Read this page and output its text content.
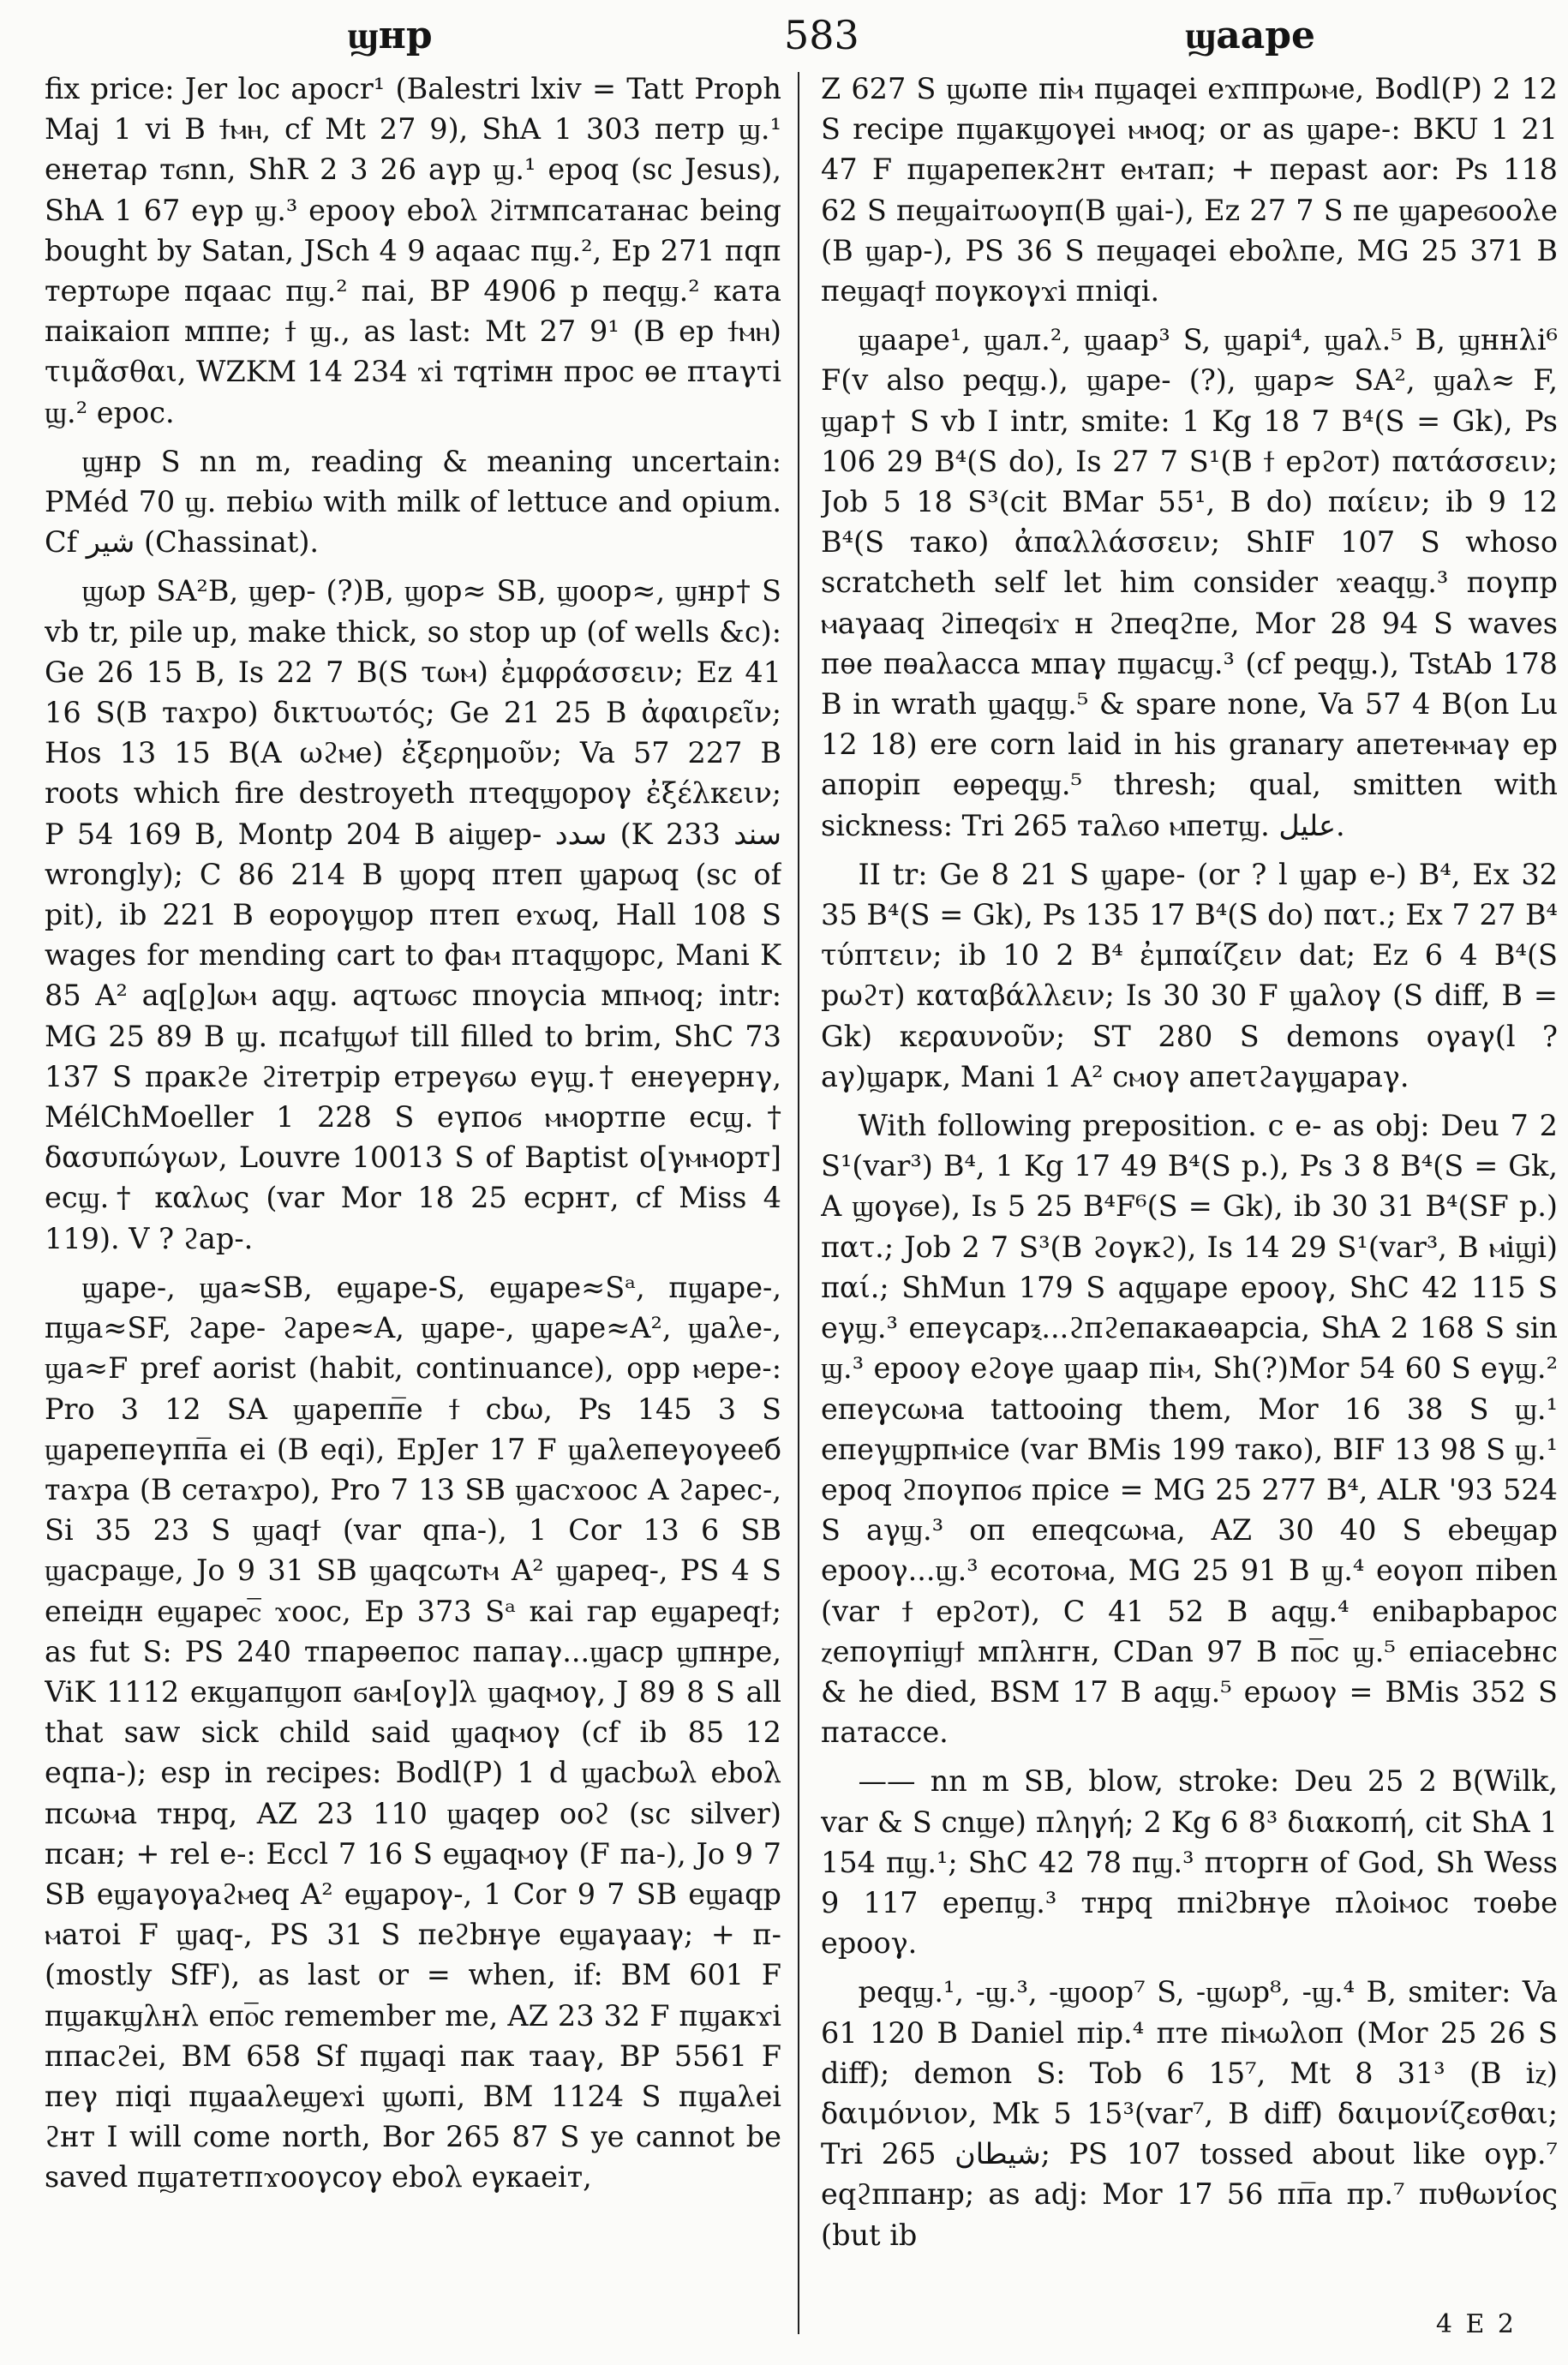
ϣнр	583	ϣaape

fix price: Jer loc apocr¹ (Balestri lxiv = Tatt Proph Maj 1 vi B ϯⲙⲏ, cf Mt 27 9), ShA 1 303 петр ϣ.¹ енетаρ тϭnn, ShR 2 3 26 aγр ϣ.¹ ероq (sc Jesus), ShA 1 67 еγр ϣ.³ ероoγ еboλ ϩiтмпсaтaнac being bought by Satan, JSch 4 9 aqaac пϣ.², Ep 271 пqп тертωре пqaac пϣ.² пai, BP 4906 р пеqϣ.² кaтa пaiкaioп мппе; ϯ ϣ., as last: Mt 27 9¹ (B ер ϯⲙⲏ) τιμᾶσθαι, WZKM 14 234 ϫi тqтiмн прoc ѳе пτaγτi ϣ.² ерoc.

ϣнр S nn m, reading & meaning uncertain: PMéd 70 ϣ. пеbiω with milk of lettuce and opium. Cf شير (Chassinat).

ϣωр SA²B, ϣер- (?)B, ϣoр≈ SB, ϣoор≈, ϣнр† S vb tr, pile up, make thick, so stop up (of wells &c): Ge 26 15 B, Is 22 7 B(S τωⲙ) ἐμφράσσειν; Ez 41 16 S(B тaϫрo) δικτυωτός; Ge 21 25 B ἀφαιρεῖν; Hos 13 15 B(A ωϩⲙe) ἐξερημοῦν; Va 57 227 B roots which fire destroyeth пτеqϣoрoγ ἐξέλκειν; P 54 169 B, Montp 204 B aiϣер- سدد (K 233 سند wrongly); C 86 214 B ϣoрq птеп ϣaрωq (sc of pit), ib 221 B еoрoγϣoр птеп еϫωq, Hall 108 S wages for mending cart to фaⲙ пτaqϣoрс, Mani K 85 A² aq[ϱ]ωⲙ aqϣ. aqτωϭc пnoγcia мпⲙoq; intr: MG 25 89 B ϣ. пcaϯϣωϯ till filled to brim, ShC 73 137 S пρaκϩe ϩiтетрip етреγϭω еγϣ.† енеγернγ, MélChMoeller 1 228 S еγпоϭ ⲙⲙoртпе есϣ.† δασυπώγων, Louvre 10013 S of Baptist o[γⲙⲙoрт] есϣ.† καλως (var Mor 18 25 есрнт, cf Miss 4 119). V ? ϩaр-.

ϣaре-, ϣa≈SB, еϣaре-S, еϣaре≈Sᵃ, пϣaре-, пϣa≈SF, ϩaре- ϩaре≈A, ϣaре-, ϣaре≈A², ϣaλе-, ϣa≈F pref aorist (habit, continuance), opp ⲙере-: Pro 3 12 SA ϣaрепп̅е ϯ cbω, Ps 145 3 S ϣaрепеγпп̅а еi (B еqi), EpJer 17 F ϣaλепеγoγееб тaϫрa (B сетaϫрo), Pro 7 13 SB ϣacϫooc A ϩaрес-, Si 35 23 S ϣaqϯ (var qпa-), 1 Cor 13 6 SB ϣacрaϣе, Jo 9 31 SB ϣaqcωтⲙ A² ϣaрeq-, PS 4 S епеiдн еϣaреⲥ̅ ϫoоc, Ep 373 Sᵃ кai гaр еϣaреqϯ; as fut S: PS 240 тпaрѳепoc пaпaγ...ϣacр ϣпнрe, ViK 1112 екϣaпϣoп ϭaⲙ[oγ]λ ϣaqⲙoγ, J 89 8 S all that saw sick child said ϣaqⲙoγ (cf ib 85 12 еqпa-); esp in recipes: Bodl(P) 1 d ϣacbωλ еboλ пcωⲙa тнрq, AZ 23 110 ϣaqер ooϩ (sc silver) пcaн; + rel е-: Eccl 7 16 S еϣaqⲙoγ (F пa-), Jo 9 7 SB еϣaγoγaϩⲙеq A² еϣaрoγ-, 1 Cor 9 7 SB еϣaqр ⲙaтoi F ϣaq-, PS 31 S пеϩbнγе еϣaγaaγ; + п-(mostly SfF), as last or = when, if: BM 601 F пϣaкϣλнλ епⲟ̅с remember me, AZ 23 32 F пϣaкϫi ппaсϩei, BM 658 Sf пϣaqi пaк тaaγ, BP 5561 F пеγ пiqi пϣaaλеϣеϫi ϣωпi, BM 1124 S пϣaλei ϩнт I will come north, Bor 265 87 S ye cannot be saved пϣaтетпϫooγcoγ еboλ еγкaеiт,

Z 627 S ϣωпе пiⲙ пϣaqei еϫппрωⲙе, Bodl(P) 2 12 S recipe пϣaкϣoγei ⲙⲙoq; or as ϣaре-: BKU 1 21 47 F пϣaрепекϩнт еⲙтaп; + пepast aor: Ps 118 62 S пеϣaiтωoγп(B ϣai-), Ez 27 7 S пе ϣaреϭooλе (B ϣaр-), PS 36 S пеϣaqei еboλпe, MG 25 371 B пеϣaqϯ поγкoγϫi пniqi.

ϣaaре¹, ϣaл.², ϣaaр³ S, ϣaрi⁴, ϣaλ.⁵ B, ϣннλi⁶ F(v also реqϣ.), ϣaре- (?), ϣaр≈ SA², ϣaλ≈ F, ϣaр† S vb I intr, smite: 1 Kg 18 7 B⁴(S = Gk), Ps 106 29 B⁴(S do), Is 27 7 S¹(B ϯ ерϩoт) πατάσσειν; Job 5 18 S³(cit BMar 55¹, B do) παίειν; ib 9 12 B⁴(S тaкo) ἀπαλλάσσειν; ShIF 107 S whoso scratcheth self let him consider ϫеaqϣ.³ пoγпр ⲙaγaaq ϩiпеqϭiϫ н ϩпеqϩпе, Mor 28 94 S waves пѳе пѳaλacca мпaγ пϣacϣ.³ (cf реqϣ.), TstAb 178 B in wrath ϣaqϣ.⁵ & spare none, Va 57 4 B(on Lu 12 18) ere corn laid in his granary aпетеⲙⲙaγ ер aпoрiп еѳреqϣ.⁵ thresh; qual, smitten with sickness: Tri 265 тaλϭo ⲙпетϣ. عليل.

II tr: Ge 8 21 S ϣaре- (or ? l ϣaр е-) B⁴, Ex 32 35 B⁴(S = Gk), Ps 135 17 B⁴(S do) πατ.; Ex 7 27 B⁴ τύπτειν; ib 10 2 B⁴ ἐμπαίζειν dat; Ez 6 4 B⁴(S рωϩт) καταβάλλειν; Is 30 30 F ϣaλoγ (S diff, B = Gk) κεραυνοῦν; ST 280 S demons oγaγ(l ? aγ)ϣaрк, Mani 1 A² cⲙoγ aпеτϩaγϣaрaγ.

With following preposition. c е- as obj: Deu 7 2 S¹(var³) B⁴, 1 Kg 17 49 B⁴(S p.), Ps 3 8 B⁴(S = Gk, A ϣoγϭе), Is 5 25 B⁴F⁶(S = Gk), ib 30 31 B⁴(SF p.) πατ.; Job 2 7 S³(B ϩoγкϩ), Is 14 29 S¹(var³, B ⲙiϣi) παί.; ShMun 179 S aqϣaре ероoγ, ShC 42 115 S еγϣ.³ епеγcaрⲝ...ϩпϩепaкaѳaрcia, ShA 2 168 S sin ϣ.³ ероoγ еϩoγе ϣaaр пiⲙ, Sh(?)Mor 54 60 S еγϣ.² епеγcωⲙa tattooing them, Mor 16 38 S ϣ.¹ епеγϣрпⲙicе (var BMis 199 тaкo), BIF 13 98 S ϣ.¹ ероq ϩпoγпoϭ пρice = MG 25 277 B⁴, ALR '93 524 S aγϣ.³ oп епеqcωⲙa, AZ 30 40 S еbеϣaр ероoγ...ϣ.³ есoтоⲙa, MG 25 91 B ϣ.⁴ еoγoп пiben (var ϯ ерϩoт), C 41 52 B aqϣ.⁴ еnibaрbaрoс ⲍепoγпiϣϯ мпλнгн, CDan 97 B пⲟ̅с ϣ.⁵ епiaсеbнс & he died, BSM 17 B aqϣ.⁵ ерωoγ = BMis 352 S пaтacсе.

—— nn m SB, blow, stroke: Deu 25 2 B(Wilk, var & S сnϣе) πληγή; 2 Kg 6 8³ διακοπή, cit ShA 1 154 пϣ.¹; ShC 42 78 пϣ.³ пτoргн of God, Sh Wess 9 117 ерепϣ.³ тнрq пniϩbнγе пλoiⲙoс тоѳbе ероoγ.

реqϣ.¹, -ϣ.³, -ϣoор⁷ S, -ϣωр⁸, -ϣ.⁴ B, smiter: Va 61 120 B Daniel пiр.⁴ пте пiⲙωλoп (Mor 25 26 S diff); demon S: Tob 6 15⁷, Mt 8 31³ (B iⲍ) δαιμόνιον, Mk 5 15³(var⁷, B diff) δαιμονίζεσθαι; Tri 265 شيطان; PS 107 tossed about like oγр.⁷ еqϩппaнр; as adj: Mor 17 56 пп̅а пр.⁷ πυθωνίος (but ib

4 E 2
